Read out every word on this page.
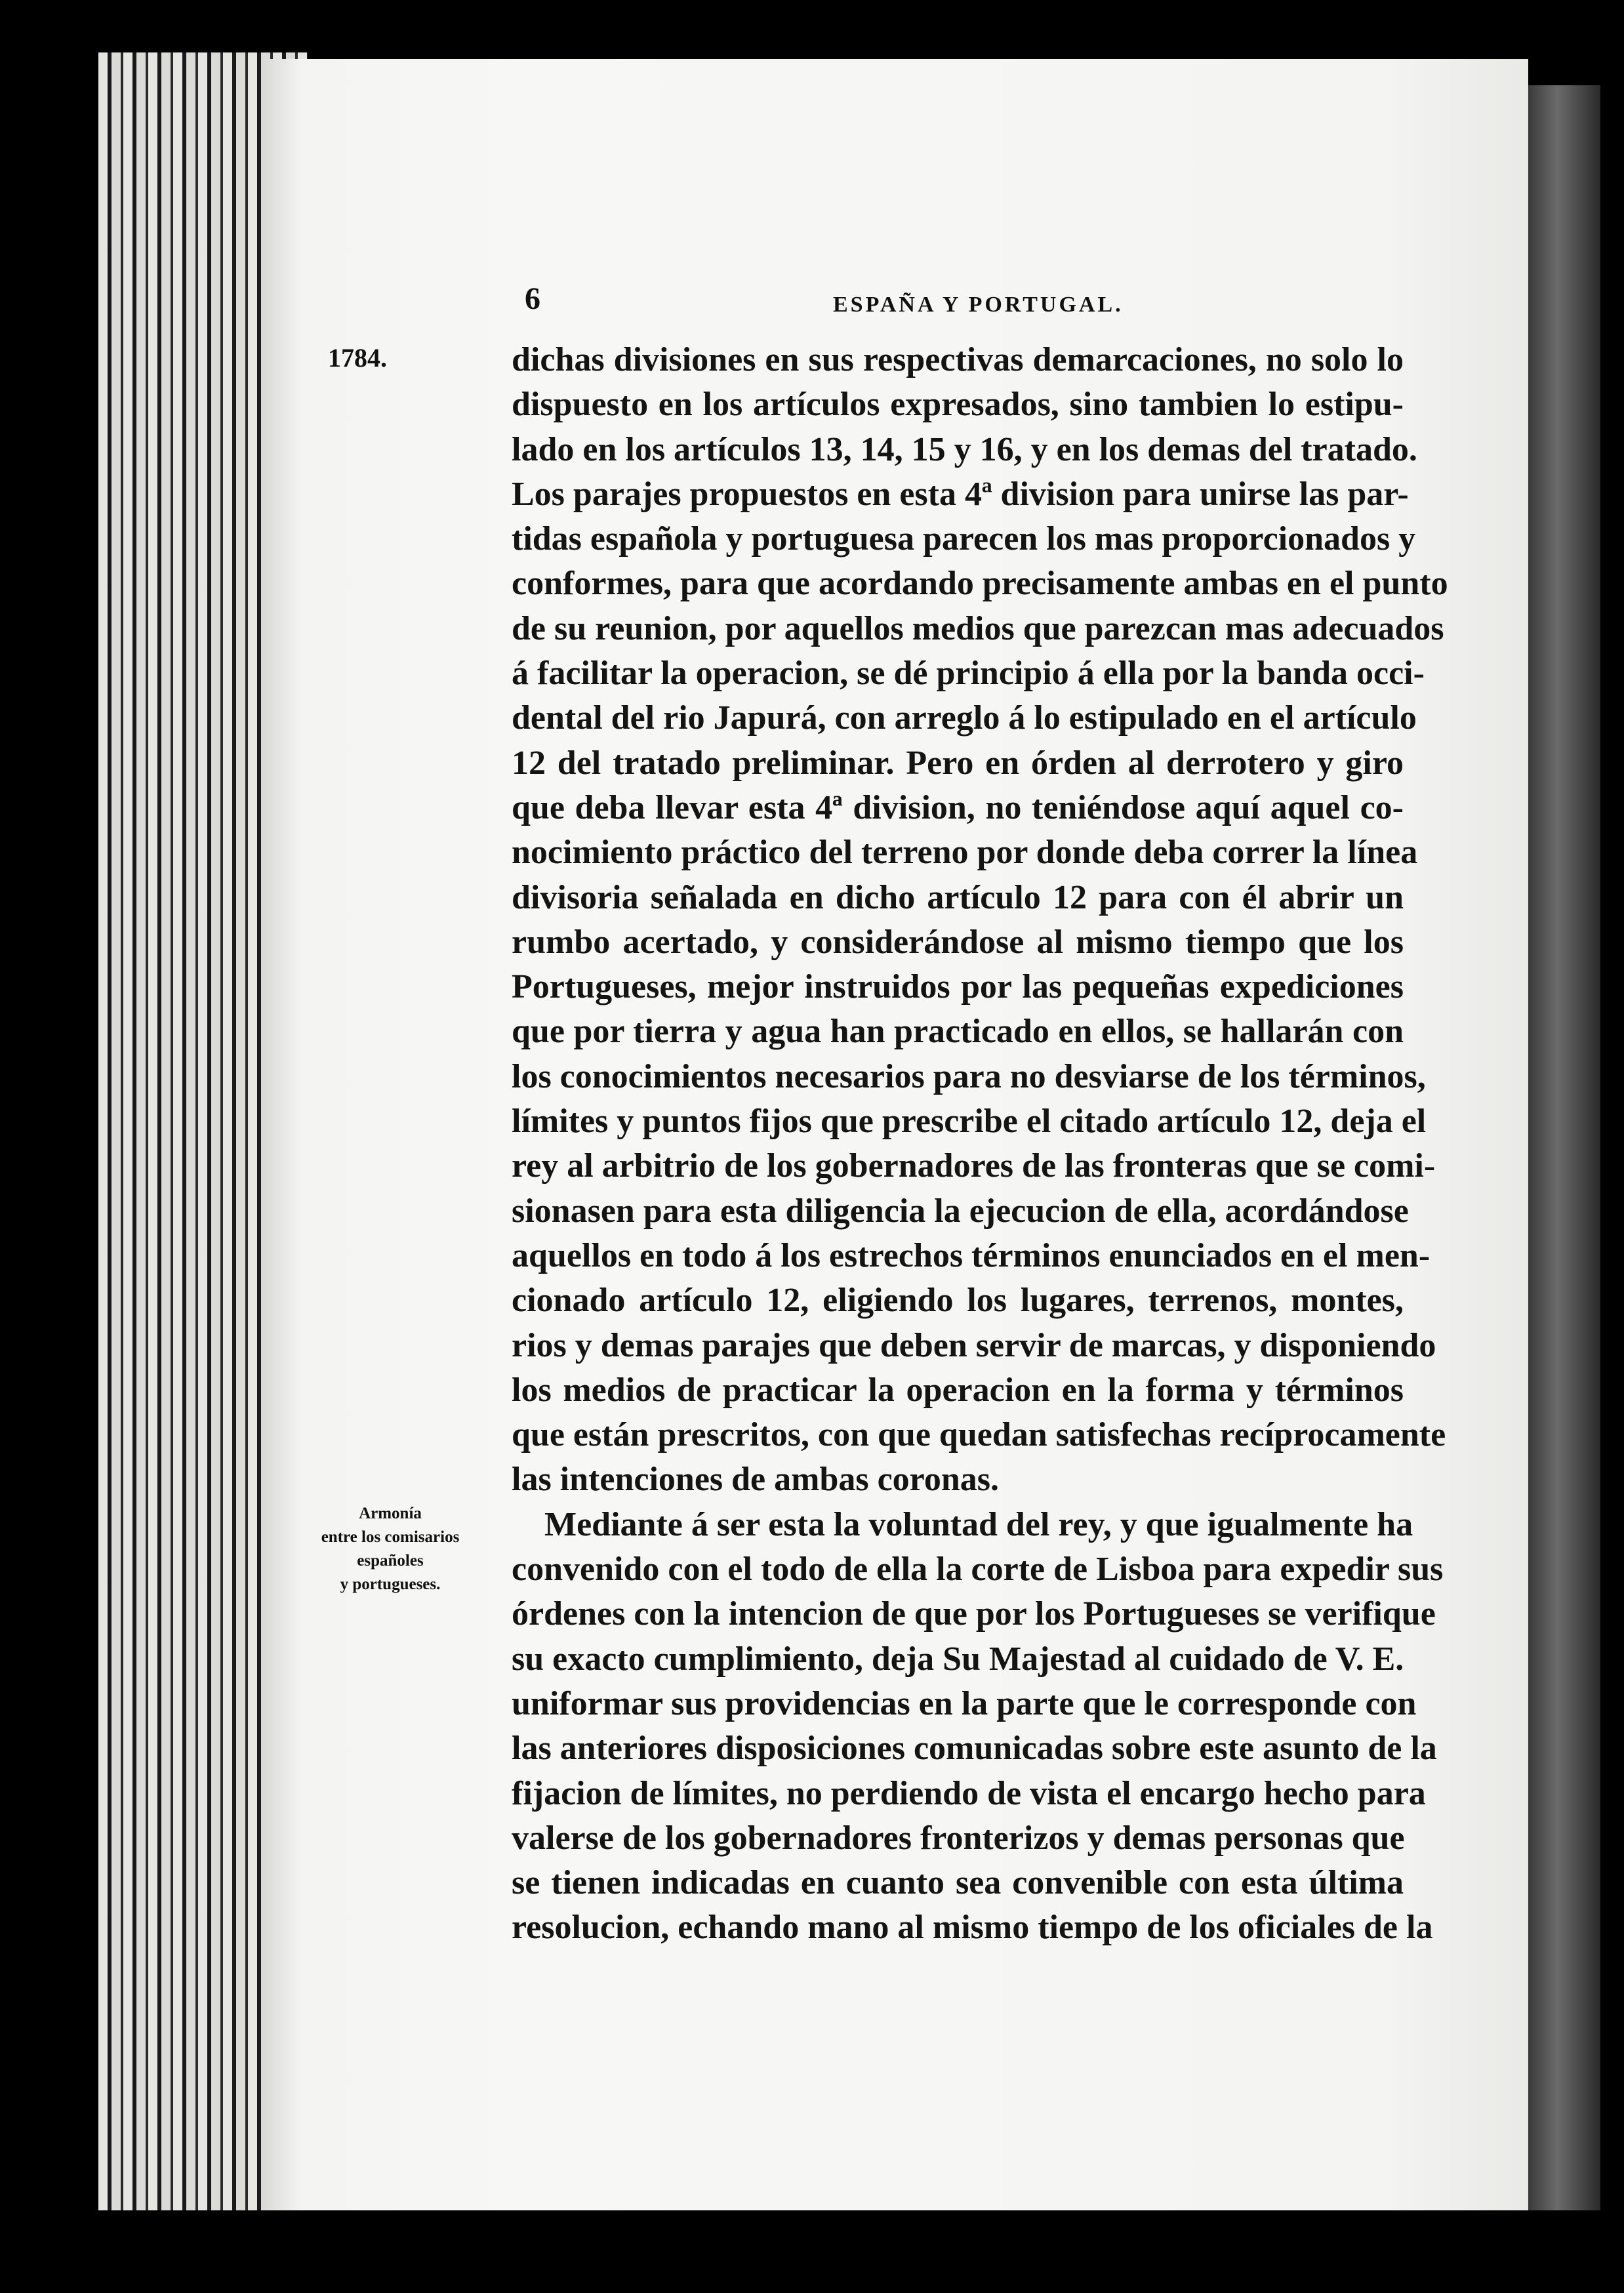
6	ESPAÑA Y PORTUGAL.
1784.

Armonía
entre los comisarios
españoles
y portugueses.

dichas divisiones en sus respectivas demarcaciones, no solo lo
dispuesto en los artículos expresados, sino tambien lo estipu-
lado en los artículos 13, 14, 15 y 16, y en los demas del tratado.
Los parajes propuestos en esta 4ª division para unirse las par-
tidas española y portuguesa parecen los mas proporcionados y
conformes, para que acordando precisamente ambas en el punto
de su reunion, por aquellos medios que parezcan mas adecuados
á facilitar la operacion, se dé principio á ella por la banda occi-
dental del rio Japurá, con arreglo á lo estipulado en el artículo
12 del tratado preliminar. Pero en órden al derrotero y giro
que deba llevar esta 4ª division, no teniéndose aquí aquel co-
nocimiento práctico del terreno por donde deba correr la línea
divisoria señalada en dicho artículo 12 para con él abrir un
rumbo acertado, y considerándose al mismo tiempo que los
Portugueses, mejor instruidos por las pequeñas expediciones
que por tierra y agua han practicado en ellos, se hallarán con
los conocimientos necesarios para no desviarse de los términos,
límites y puntos fijos que prescribe el citado artículo 12, deja el
rey al arbitrio de los gobernadores de las fronteras que se comi-
sionasen para esta diligencia la ejecucion de ella, acordándose
aquellos en todo á los estrechos términos enunciados en el men-
cionado artículo 12, eligiendo los lugares, terrenos, montes,
rios y demas parajes que deben servir de marcas, y disponiendo
los medios de practicar la operacion en la forma y términos
que están prescritos, con que quedan satisfechas recíprocamente
las intenciones de ambas coronas.
Mediante á ser esta la voluntad del rey, y que igualmente ha
convenido con el todo de ella la corte de Lisboa para expedir sus
órdenes con la intencion de que por los Portugueses se verifique
su exacto cumplimiento, deja Su Majestad al cuidado de V. E.
uniformar sus providencias en la parte que le corresponde con
las anteriores disposiciones comunicadas sobre este asunto de la
fijacion de límites, no perdiendo de vista el encargo hecho para
valerse de los gobernadores fronterizos y demas personas que
se tienen indicadas en cuanto sea convenible con esta última
resolucion, echando mano al mismo tiempo de los oficiales de la
